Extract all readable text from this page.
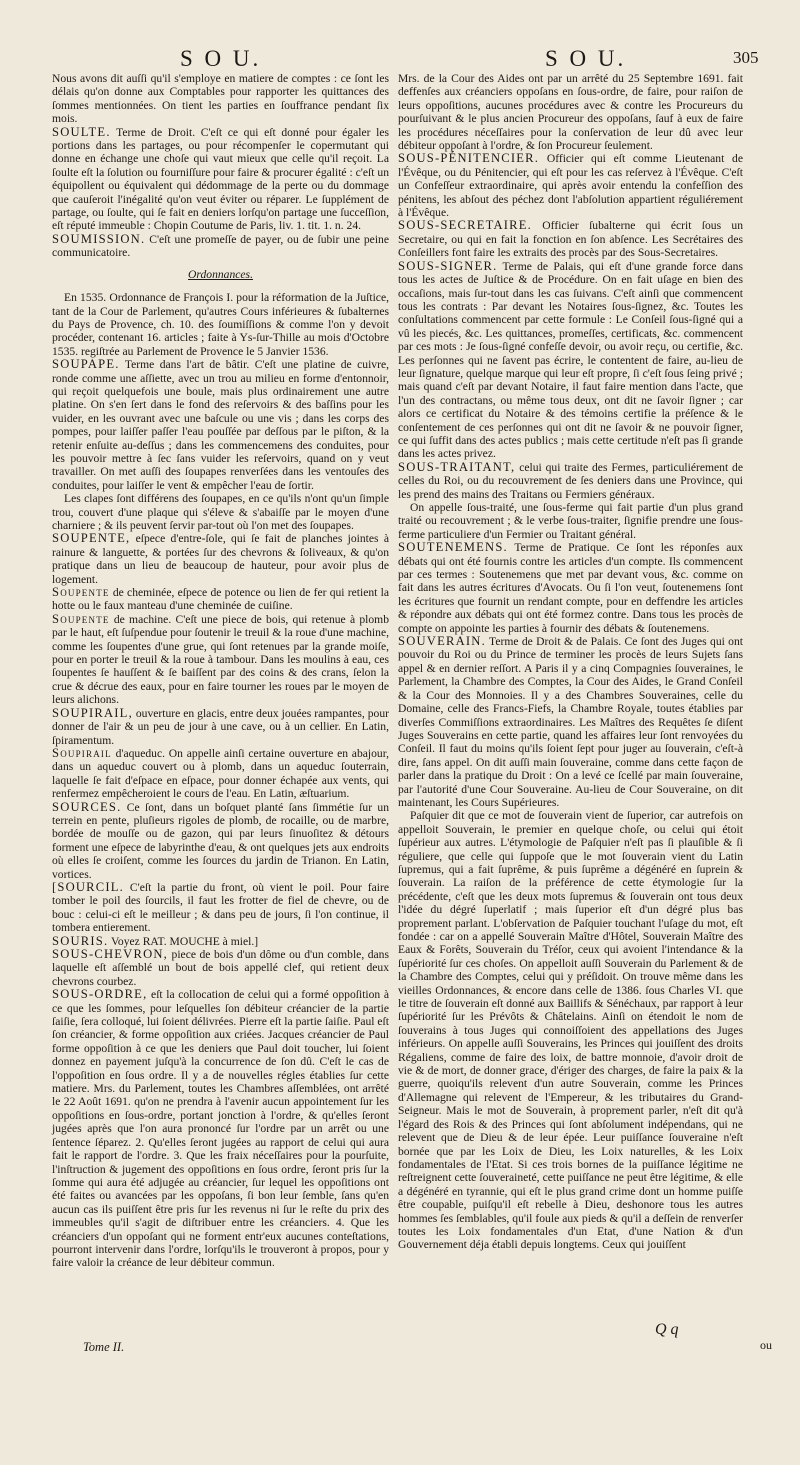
S O U.	S O U.	305

Nous avons dit auſſi qu'il s'employe en matiere de comptes : ce ſont les délais qu'on donne aux Comptables pour rapporter les quittances des ſommes mentionnées. On tient les parties en ſouffrance pendant ſix mois.

SOULTE. Terme de Droit. C'eſt ce qui eſt donné pour égaler les portions dans les partages, ou pour récompenſer le copermutant qui donne en échange une choſe qui vaut mieux que celle qu'il reçoit. La ſoulte eſt la ſolution ou fourniſſure pour faire & procurer égalité : c'eſt un équipollent ou équivalent qui dédommage de la perte ou du dommage que cauſeroit l'inégalité qu'on veut éviter ou réparer. Le ſupplément de partage, ou ſoulte, qui ſe fait en deniers lorſqu'on partage une ſucceſſion, eſt réputé immeuble : Chopin Coutume de Paris, liv. 1. tit. 1. n. 24.

SOUMISSION. C'eſt une promeſſe de payer, ou de ſubir une peine communicatoire.

Ordonnances.

En 1535. Ordonnance de François I. pour la réformation de la Juſtice, tant de la Cour de Parlement, qu'autres Cours inférieures & ſubalternes du Pays de Provence, ch. 10. des ſoumiſſions & comme l'on y devoit procéder, contenant 16. articles ; faite à Ys-ſur-Thille au mois d'Octobre 1535. regiſtrée au Parlement de Provence le 5 Janvier 1536.

SOUPAPE. Terme dans l'art de bâtir. C'eſt une platine de cuivre, ronde comme une aſſiette, avec un trou au milieu en forme d'entonnoir, qui reçoit quelquefois une boule, mais plus ordinairement une autre platine. On s'en ſert dans le fond des reſervoirs & des baſſins pour les vuider, en les ouvrant avec une baſcule ou une vis ; dans les corps des pompes, pour laiſſer paſſer l'eau pouſſée par deſſous par le piſton, & la retenir enſuite au-deſſus ; dans les commencemens des conduites, pour les pouvoir mettre à ſec ſans vuider les reſervoirs, quand on y veut travailler. On met auſſi des ſoupapes renverſées dans les ventouſes des conduites, pour laiſſer le vent & empêcher l'eau de ſortir.

Les clapes ſont différens des ſoupapes, en ce qu'ils n'ont qu'un ſimple trou, couvert d'une plaque qui s'éleve & s'abaiſſe par le moyen d'une charniere ; & ils peuvent ſervir par-tout où l'on met des ſoupapes.

SOUPENTE, eſpece d'entre-ſole, qui ſe fait de planches jointes à rainure & languette, & portées ſur des chevrons & ſoliveaux, & qu'on pratique dans un lieu de beaucoup de hauteur, pour avoir plus de logement.

Soupente de cheminée, eſpece de potence ou lien de fer qui retient la hotte ou le faux manteau d'une cheminée de cuiſine.

Soupente de machine. C'eſt une piece de bois, qui retenue à plomb par le haut, eſt ſuſpendue pour ſoutenir le treuil & la roue d'une machine, comme les ſoupentes d'une grue, qui ſont retenues par la grande moiſe, pour en porter le treuil & la roue à tambour. Dans les moulins à eau, ces ſoupentes ſe hauſſent & ſe baiſſent par des coins & des crans, ſelon la crue & décrue des eaux, pour en faire tourner les roues par le moyen de leurs alichons.

SOUPIRAIL, ouverture en glacis, entre deux jouées rampantes, pour donner de l'air & un peu de jour à une cave, ou à un cellier. En Latin, ſpiramentum.

Soupirail d'aqueduc. On appelle ainſi certaine ouverture en abajour, dans un aqueduc couvert ou à plomb, dans un aqueduc ſouterrain, laquelle ſe fait d'eſpace en eſpace, pour donner échapée aux vents, qui renfermez empêcheroient le cours de l'eau. En Latin, æſtuarium.

SOURCES. Ce ſont, dans un boſquet planté ſans ſimmétie ſur un terrein en pente, pluſieurs rigoles de plomb, de rocaille, ou de marbre, bordée de mouſſe ou de gazon, qui par leurs ſinuoſitez & détours forment une eſpece de labyrinthe d'eau, & ont quelques jets aux endroits où elles ſe croiſent, comme les ſources du jardin de Trianon. En Latin, vortices.

[SOURCIL. C'eſt la partie du front, où vient le poil. Pour faire tomber le poil des ſourcils, il faut les frotter de fiel de chevre, ou de bouc : celui-ci eſt le meilleur ; & dans peu de jours, ſi l'on continue, il tombera entierement.

SOURIS. Voyez RAT. MOUCHE à miel.]

SOUS-CHEVRON, piece de bois d'un dôme ou d'un comble, dans laquelle eſt aſſemblé un bout de bois appellé clef, qui retient deux chevrons courbez.

SOUS-ORDRE, eſt la collocation de celui qui a formé oppoſition à ce que les ſommes, pour leſquelles ſon débiteur créancier de la partie ſaiſie, ſera colloqué, lui ſoient délivrées. Pierre eſt la partie ſaiſie. Paul eſt ſon créancier, & forme oppoſition aux criées. Jacques créancier de Paul forme oppoſition à ce que les deniers que Paul doit toucher, lui ſoient donnez en payement juſqu'à la concurrence de ſon dû. C'eſt le cas de l'oppoſition en ſous ordre. Il y a de nouvelles régles établies ſur cette matiere. Mrs. du Parlement, toutes les Chambres aſſemblées, ont arrêté le 22 Août 1691. qu'on ne prendra à l'avenir aucun appointement ſur les oppoſitions en ſous-ordre, portant jonction à l'ordre, & qu'elles ſeront jugées après que l'on aura prononcé ſur l'ordre par un arrêt ou une ſentence ſéparez. 2. Qu'elles ſeront jugées au rapport de celui qui aura fait le rapport de l'ordre. 3. Que les fraix néceſſaires pour la pourſuite, l'inſtruction & jugement des oppoſitions en ſous ordre, ſeront pris ſur la ſomme qui aura été adjugée au créancier, ſur lequel les oppoſitions ont été faites ou avancées par les oppoſans, ſi bon leur ſemble, ſans qu'en aucun cas ils puiſſent être pris ſur les revenus ni ſur le reſte du prix des immeubles qu'il s'agit de diſtribuer entre les créanciers. 4. Que les créanciers d'un oppoſant qui ne forment entr'eux aucunes conteſtations, pourront intervenir dans l'ordre, lorſqu'ils le trouveront à propos, pour y faire valoir la créance de leur débiteur commun.

Mrs. de la Cour des Aides ont par un arrêté du 25 Septembre 1691. fait deffenſes aux créanciers oppoſans en ſous-ordre, de faire, pour raiſon de leurs oppoſitions, aucunes procédures avec & contre les Procureurs du pourſuivant & le plus ancien Procureur des oppoſans, ſauf à eux de faire les procédures néceſſaires pour la conſervation de leur dû avec leur débiteur oppoſant à l'ordre, & ſon Procureur ſeulement.

SOUS-PÉNITENCIER. Officier qui eſt comme Lieutenant de l'Évêque, ou du Pénitencier, qui eſt pour les cas reſervez à l'Évêque. C'eſt un Confeſſeur extraordinaire, qui après avoir entendu la confeſſion des pénitens, les abſout des péchez dont l'abſolution appartient réguliérement à l'Évêque.

SOUS-SECRETAIRE. Officier ſubalterne qui écrit ſous un Secretaire, ou qui en fait la fonction en ſon abſence. Les Secrétaires des Conſeillers font faire les extraits des procès par des Sous-Secretaires.

SOUS-SIGNER. Terme de Palais, qui eſt d'une grande force dans tous les actes de Juſtice & de Procédure. On en fait uſage en bien des occaſions, mais ſur-tout dans les cas ſuivans. C'eſt ainſi que commencent tous les contrats : Par devant les Notaires ſous-ſignez, &c. Toutes les conſultations commencent par cette formule : Le Conſeil ſous-ſigné qui a vû les piecés, &c. Les quittances, promeſſes, certificats, &c. commencent par ces mots : Je ſous-ſigné confeſſe devoir, ou avoir reçu, ou certifie, &c. Les perſonnes qui ne ſavent pas écrire, le contentent de faire, au-lieu de leur ſignature, quelque marque qui leur eſt propre, ſi c'eſt ſous ſeing privé ; mais quand c'eſt par devant Notaire, il faut faire mention dans l'acte, que l'un des contractans, ou même tous deux, ont dit ne ſavoir ſigner ; car alors ce certificat du Notaire & des témoins certifie la préſence & le conſentement de ces perſonnes qui ont dit ne ſavoir & ne pouvoir ſigner, ce qui ſuffit dans des actes publics ; mais cette certitude n'eſt pas ſi grande dans les actes privez.

SOUS-TRAITANT, celui qui traite des Fermes, particuliérement de celles du Roi, ou du recouvrement de ſes deniers dans une Province, qui les prend des mains des Traitans ou Fermiers généraux.

On appelle ſous-traité, une ſous-ferme qui fait partie d'un plus grand traité ou recouvrement ; & le verbe ſous-traiter, ſignifie prendre une ſous-ferme particuliere d'un Fermier ou Traitant général.

SOUTENEMENS. Terme de Pratique. Ce ſont les réponſes aux débats qui ont été fournis contre les articles d'un compte. Ils commencent par ces termes : Soutenemens que met par devant vous, &c. comme on fait dans les autres écritures d'Avocats. Ou ſi l'on veut, ſoutenemens ſont les écritures que fournit un rendant compte, pour en deffendre les articles & répondre aux débats qui ont été formez contre. Dans tous les procès de compte on appointe les parties à fournir des débats & ſoutenemens.

SOUVERAIN. Terme de Droit & de Palais. Ce ſont des Juges qui ont pouvoir du Roi ou du Prince de terminer les procès de leurs Sujets ſans appel & en dernier reſſort. A Paris il y a cinq Compagnies ſouveraines, le Parlement, la Chambre des Comptes, la Cour des Aides, le Grand Conſeil & la Cour des Monnoies. Il y a des Chambres Souveraines, celle du Domaine, celle des Francs-Fiefs, la Chambre Royale, toutes établies par diverſes Commiſſions extraordinaires. Les Maîtres des Requêtes ſe diſent Juges Souverains en cette partie, quand les affaires leur ſont renvoyées du Conſeil. Il faut du moins qu'ils ſoient ſept pour juger au ſouverain, c'eſt-à dire, ſans appel. On dit auſſi main ſouveraine, comme dans cette façon de parler dans la pratique du Droit : On a levé ce ſcellé par main ſouveraine, par l'autorité d'une Cour Souveraine. Au-lieu de Cour Souveraine, on dit maintenant, les Cours Supérieures.

Paſquier dit que ce mot de ſouverain vient de ſuperior, car autrefois on appelloit Souverain, le premier en quelque choſe, ou celui qui étoit ſupérieur aux autres. L'étymologie de Paſquier n'eſt pas ſi plauſible & ſi réguliere, que celle qui ſuppoſe que le mot ſouverain vient du Latin ſupremus, qui a fait ſuprême, & puis ſuprême a dégénéré en ſuprein & ſouverain. La raiſon de la préférence de cette étymologie ſur la précédente, c'eſt que les deux mots ſupremus & ſouverain ont tous deux l'idée du dégré ſuperlatif ; mais ſuperior eſt d'un dégré plus bas proprement parlant. L'obſervation de Paſquier touchant l'uſage du mot, eſt fondée : car on a appellé Souverain Maître d'Hôtel, Souverain Maître des Eaux & Forêts, Souverain du Tréſor, ceux qui avoient l'intendance & la ſupériorité ſur ces choſes. On appelloit auſſi Souverain du Parlement & de la Chambre des Comptes, celui qui y préſidoit. On trouve même dans les vieilles Ordonnances, & encore dans celle de 1386. ſous Charles VI. que le titre de ſouverain eſt donné aux Baillifs & Sénéchaux, par rapport à leur ſupériorité ſur les Prévôts & Châtelains. Ainſi on étendoit le nom de ſouverains à tous Juges qui connoiſſoient des appellations des Juges inférieurs. On appelle auſſi Souverains, les Princes qui jouiſſent des droits Régaliens, comme de faire des loix, de battre monnoie, d'avoir droit de vie & de mort, de donner grace, d'ériger des charges, de faire la paix & la guerre, quoiqu'ils relevent d'un autre Souverain, comme les Princes d'Allemagne qui relevent de l'Empereur, & les tributaires du Grand-Seigneur. Mais le mot de Souverain, à proprement parler, n'eſt dit qu'à l'égard des Rois & des Princes qui ſont abſolument indépendans, qui ne relevent que de Dieu & de leur épée. Leur puiſſance ſouveraine n'eſt bornée que par les Loix de Dieu, les Loix naturelles, & les Loix fondamentales de l'Etat. Si ces trois bornes de la puiſſance légitime ne reſtreignent cette ſouveraineté, cette puiſſance ne peut être légitime, & elle a dégénéré en tyrannie, qui eſt le plus grand crime dont un homme puiſſe être coupable, puiſqu'il eſt rebelle à Dieu, deshonore tous les autres hommes ſes ſemblables, qu'il foule aux pieds & qu'il a deſſein de renverſer toutes les Loix fondamentales d'un Etat, d'une Nation & d'un Gouvernement déja établi depuis longtems. Ceux qui jouiſſent

Tome II.
Q q
ou
